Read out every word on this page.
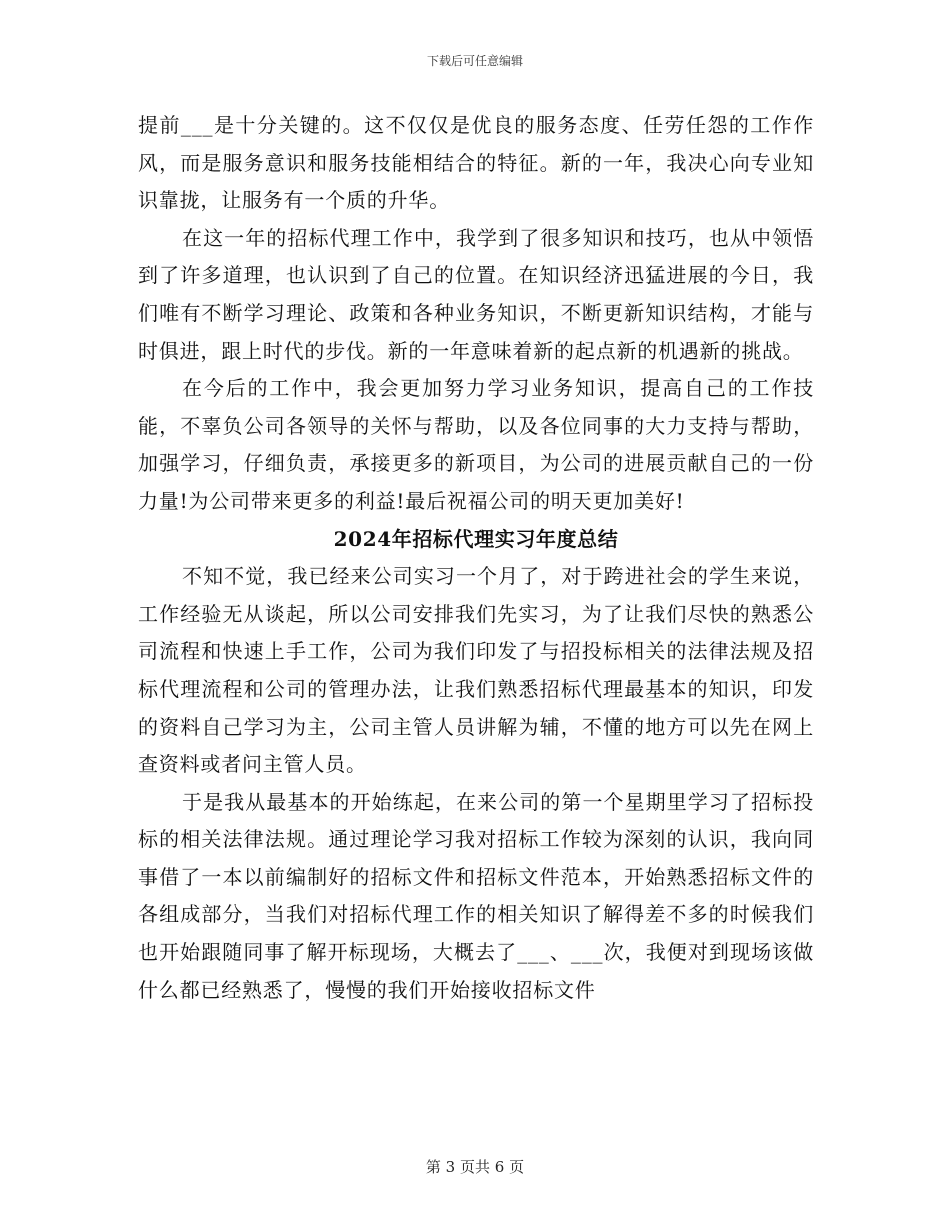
下载后可任意编辑

提前___是十分关键的。这不仅仅是优良的服务态度、任劳任怨的工作作风，而是服务意识和服务技能相结合的特征。新的一年，我决心向专业知识靠拢，让服务有一个质的升华。

在这一年的招标代理工作中，我学到了很多知识和技巧，也从中领悟到了许多道理，也认识到了自己的位置。在知识经济迅猛进展的今日，我们唯有不断学习理论、政策和各种业务知识，不断更新知识结构，才能与时俱进，跟上时代的步伐。新的一年意味着新的起点新的机遇新的挑战。

在今后的工作中，我会更加努力学习业务知识，提高自己的工作技能，不辜负公司各领导的关怀与帮助，以及各位同事的大力支持与帮助，加强学习，仔细负责，承接更多的新项目，为公司的进展贡献自己的一份力量!为公司带来更多的利益!最后祝福公司的明天更加美好!

2024年招标代理实习年度总结

不知不觉，我已经来公司实习一个月了，对于跨进社会的学生来说，工作经验无从谈起，所以公司安排我们先实习，为了让我们尽快的熟悉公司流程和快速上手工作，公司为我们印发了与招投标相关的法律法规及招标代理流程和公司的管理办法，让我们熟悉招标代理最基本的知识，印发的资料自己学习为主，公司主管人员讲解为辅，不懂的地方可以先在网上查资料或者问主管人员。

于是我从最基本的开始练起，在来公司的第一个星期里学习了招标投标的相关法律法规。通过理论学习我对招标工作较为深刻的认识，我向同事借了一本以前编制好的招标文件和招标文件范本，开始熟悉招标文件的各组成部分，当我们对招标代理工作的相关知识了解得差不多的时候我们也开始跟随同事了解开标现场，大概去了___、___次，我便对到现场该做什么都已经熟悉了，慢慢的我们开始接收招标文件

第 3 页共 6 页
